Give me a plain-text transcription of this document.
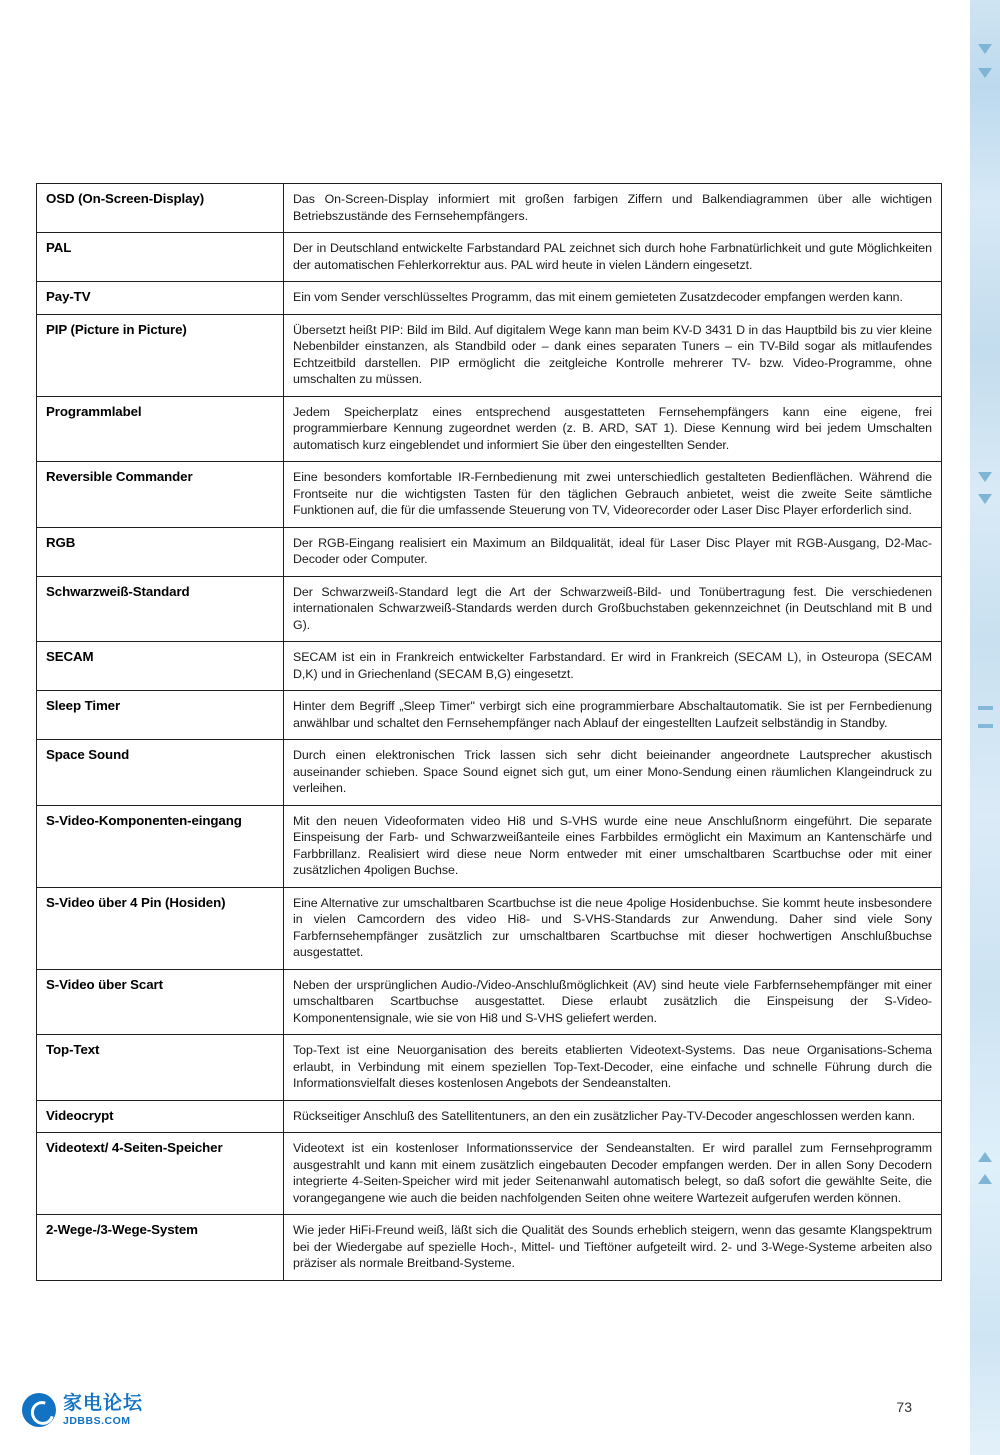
OSD (On-Screen-Display)	Das On-Screen-Display informiert mit großen farbigen Ziffern und Balkendiagrammen über alle wichtigen Betriebszustände des Fernsehempfängers.
PAL	Der in Deutschland entwickelte Farbstandard PAL zeichnet sich durch hohe Farbnatürlichkeit und gute Möglichkeiten der automatischen Fehlerkorrektur aus. PAL wird heute in vielen Ländern eingesetzt.
Pay-TV	Ein vom Sender verschlüsseltes Programm, das mit einem gemieteten Zusatzdecoder empfangen werden kann.
PIP (Picture in Picture)	Übersetzt heißt PIP: Bild im Bild. Auf digitalem Wege kann man beim KV-D 3431 D in das Hauptbild bis zu vier kleine Nebenbilder einstanzen, als Standbild oder – dank eines separaten Tuners – ein TV-Bild sogar als mitlaufendes Echtzeitbild darstellen. PIP ermöglicht die zeitgleiche Kontrolle mehrerer TV- bzw. Video-Programme, ohne umschalten zu müssen.
Programmlabel	Jedem Speicherplatz eines entsprechend ausgestatteten Fernsehempfängers kann eine eigene, frei programmierbare Kennung zugeordnet werden (z. B. ARD, SAT 1). Diese Kennung wird bei jedem Umschalten automatisch kurz eingeblendet und informiert Sie über den eingestellten Sender.
Reversible Commander	Eine besonders komfortable IR-Fernbedienung mit zwei unterschiedlich gestalteten Bedienflächen. Während die Frontseite nur die wichtigsten Tasten für den täglichen Gebrauch anbietet, weist die zweite Seite sämtliche Funktionen auf, die für die umfassende Steuerung von TV, Videorecorder oder Laser Disc Player erforderlich sind.
RGB	Der RGB-Eingang realisiert ein Maximum an Bildqualität, ideal für Laser Disc Player mit RGB-Ausgang, D2-Mac-Decoder oder Computer.
Schwarzweiß-Standard	Der Schwarzweiß-Standard legt die Art der Schwarzweiß-Bild- und Tonübertragung fest. Die verschiedenen internationalen Schwarzweiß-Standards werden durch Großbuchstaben gekennzeichnet (in Deutschland mit B und G).
SECAM	SECAM ist ein in Frankreich entwickelter Farbstandard. Er wird in Frankreich (SECAM L), in Osteuropa (SECAM D,K) und in Griechenland (SECAM B,G) eingesetzt.
Sleep Timer	Hinter dem Begriff „Sleep Timer" verbirgt sich eine programmierbare Abschaltautomatik. Sie ist per Fernbedienung anwählbar und schaltet den Fernsehempfänger nach Ablauf der eingestellten Laufzeit selbständig in Standby.
Space Sound	Durch einen elektronischen Trick lassen sich sehr dicht beieinander angeordnete Lautsprecher akustisch auseinander schieben. Space Sound eignet sich gut, um einer Mono-Sendung einen räumlichen Klangeindruck zu verleihen.
S-Video-Komponenten-eingang	Mit den neuen Videoformaten video Hi8 und S-VHS wurde eine neue Anschlußnorm eingeführt. Die separate Einspeisung der Farb- und Schwarzweißanteile eines Farbbildes ermöglicht ein Maximum an Kantenschärfe und Farbbrillanz. Realisiert wird diese neue Norm entweder mit einer umschaltbaren Scartbuchse oder mit einer zusätzlichen 4poligen Buchse.
S-Video über 4 Pin (Hosiden)	Eine Alternative zur umschaltbaren Scartbuchse ist die neue 4polige Hosidenbuchse. Sie kommt heute insbesondere in vielen Camcordern des video Hi8- und S-VHS-Standards zur Anwendung. Daher sind viele Sony Farbfernsehempfänger zusätzlich zur umschaltbaren Scartbuchse mit dieser hochwertigen Anschlußbuchse ausgestattet.
S-Video über Scart	Neben der ursprünglichen Audio-/Video-Anschlußmöglichkeit (AV) sind heute viele Farbfernsehempfänger mit einer umschaltbaren Scartbuchse ausgestattet. Diese erlaubt zusätzlich die Einspeisung der S-Video-Komponentensignale, wie sie von Hi8 und S-VHS geliefert werden.
Top-Text	Top-Text ist eine Neuorganisation des bereits etablierten Videotext-Systems. Das neue Organisations-Schema erlaubt, in Verbindung mit einem speziellen Top-Text-Decoder, eine einfache und schnelle Führung durch die Informationsvielfalt dieses kostenlosen Angebots der Sendeanstalten.
Videocrypt	Rückseitiger Anschluß des Satellitentuners, an den ein zusätzlicher Pay-TV-Decoder angeschlossen werden kann.
Videotext/ 4-Seiten-Speicher	Videotext ist ein kostenloser Informationsservice der Sendeanstalten. Er wird parallel zum Fernsehprogramm ausgestrahlt und kann mit einem zusätzlich eingebauten Decoder empfangen werden. Der in allen Sony Decodern integrierte 4-Seiten-Speicher wird mit jeder Seitenanwahl automatisch belegt, so daß sofort die gewählte Seite, die vorangegangene wie auch die beiden nachfolgenden Seiten ohne weitere Wartezeit aufgerufen werden können.
2-Wege-/3-Wege-System	Wie jeder HiFi-Freund weiß, läßt sich die Qualität des Sounds erheblich steigern, wenn das gesamte Klangspektrum bei der Wiedergabe auf spezielle Hoch-, Mittel- und Tieftöner aufgeteilt wird. 2- und 3-Wege-Systeme arbeiten also präziser als normale Breitband-Systeme.
家电论坛
JDBBS.COM
73
